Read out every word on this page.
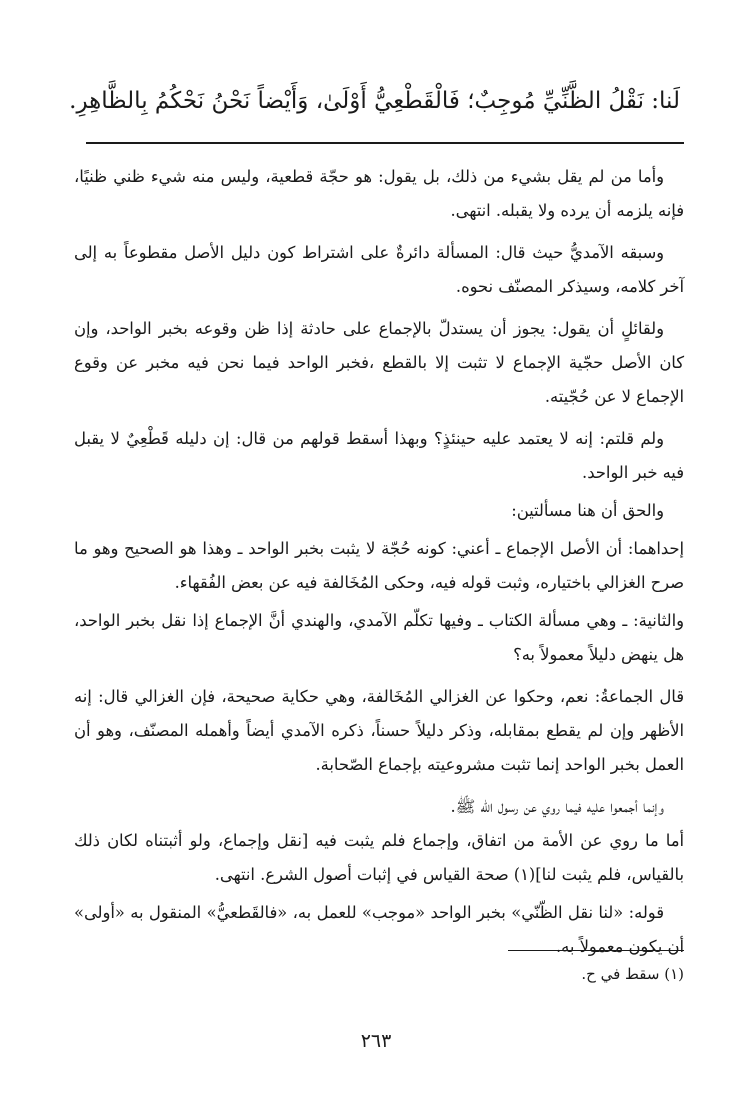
لَنا: نَقْلُ الظَّنِّيِّ مُوجِبٌ؛ فَالْقَطْعِيُّ أَوْلَىٰ، وَأَيْضاً نَحْنُ نَحْكُمُ بِالظَّاهِرِ.

وأما من لم يقل بشيء من ذلك، بل يقول: هو حجّة قطعية، وليس منه شيء ظني ظنيًا، فإنه يلزمه أن يرده ولا يقبله. انتهى.

وسبقه الآمديُّ حيث قال: المسألة دائرةٌ على اشتراط كون دليل الأصل مقطوعاً به إلى آخر كلامه، وسيذكر المصنّف نحوه.

ولقائلٍ أن يقول: يجوز أن يستدلّ بالإجماع على حادثة إذا ظن وقوعه بخبر الواحد، وإن كان الأصل حجّية الإجماع لا تثبت إلا بالقطع ،فخبر الواحد فيما نحن فيه مخبر عن وقوع الإجماع لا عن حُجّيته.

ولم قلتم: إنه لا يعتمد عليه حينئذٍ؟ وبهذا أسقط قولهم من قال: إن دليله قَطْعِيٌ لا يقبل فيه خبر الواحد.

والحق أن هنا مسألتين:

إحداهما: أن الأصل الإجماع ـ أعني: كونه حُجّة لا يثبت بخبر الواحد ـ وهذا هو الصحيح وهو ما صرح الغزالي باختياره، وثبت قوله فيه، وحكى المُخَالفة فيه عن بعض الفُقهاء.

والثانية: ـ وهي مسألة الكتاب ـ وفيها تكلّم الآمدي، والهندي أنَّ الإجماع إذا نقل بخبر الواحد، هل ينهض دليلاً معمولاً به؟

قال الجماعةُ: نعم، وحكوا عن الغزالي المُخَالفة، وهي حكاية صحيحة، فإن الغزالي قال: إنه الأظهر وإن لم يقطع بمقابله، وذكر دليلاً حسناً، ذكره الآمدي أيضاً وأهمله المصنّف، وهو أن العمل بخبر الواحد إنما تثبت مشروعيته بإجماع الصّحابة.

وإنما أجمعوا عليه فيما روي عن رسول الله ﷺ.

أما ما روي عن الأمة من اتفاق، وإجماع فلم يثبت فيه [نقل وإجماع، ولو أثبتناه لكان ذلك بالقياس، فلم يثبت لنا](١) صحة القياس في إثبات أصول الشرع. انتهى.

قوله: «لنا نقل الظّنّي» بخبر الواحد «موجب» للعمل به، «فالقَطعيُّ» المنقول به «أولى» أن يكون معمولاً به.

(١) سقط في ح.

٢٦٣
